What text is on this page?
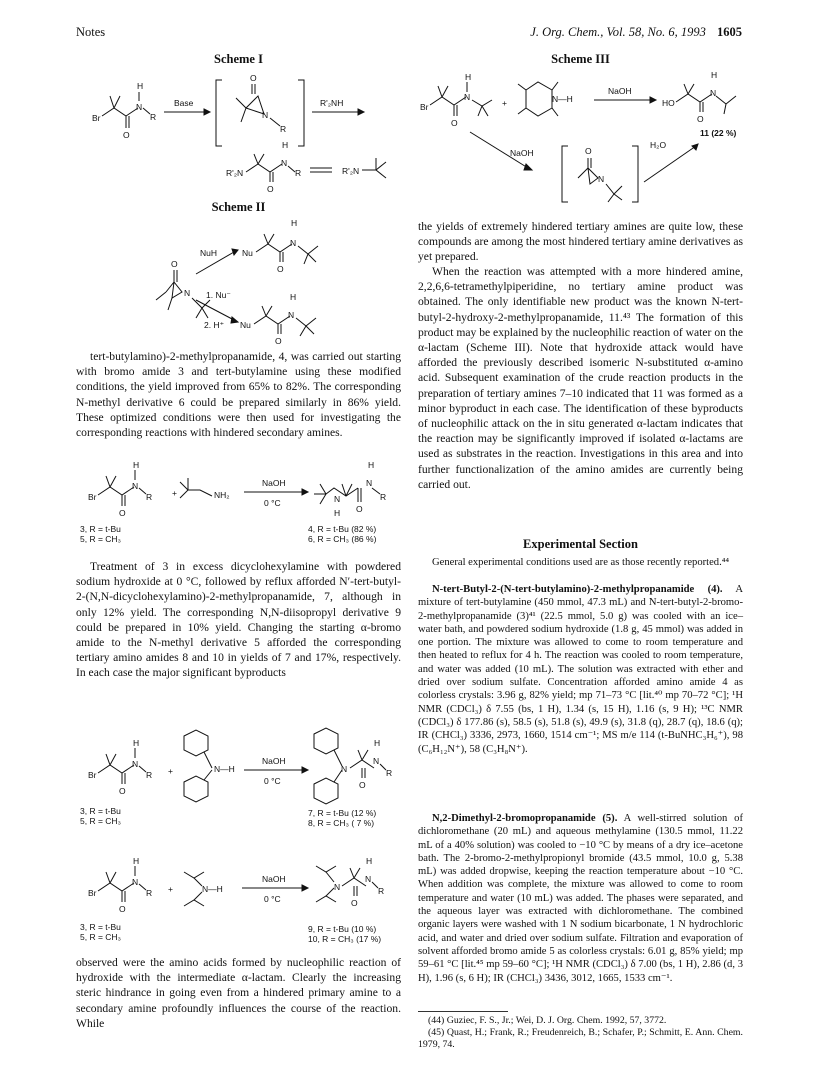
Notes	J. Org. Chem., Vol. 58, No. 6, 1993 1605
Scheme I
Br
O
N
H
R
Base
N
R
O
R'₂NH
R'₂N
O
N
H
R	R'₂N
Scheme II
O
N
NuH	Nu
O
N
H
1. Nu⁻
2. H⁺ Nu
O
N
H
tert-butylamino)-2-methylpropanamide, 4, was carried out starting with bromo amide 3 and tert-butylamine using these modified conditions, the yield improved from 65% to 82%. The corresponding N-methyl derivative 6 could be prepared similarly in 86% yield. These optimized conditions were then used for investigating the corresponding reactions with hindered secondary amines.
Br
O
N
H
R +	NH₂
NaOH
0 °C	N
H O
N
H
R
3, R = t-Bu
5, R = CH₃
4, R = t-Bu (82 %)
6, R = CH₃ (86 %)
Treatment of 3 in excess dicyclohexylamine with powdered sodium hydroxide at 0 °C, followed by reflux afforded N′-tert-butyl-2-(N,N-dicyclohexylamino)-2-methylpropanamide, 7, although in only 12% yield. The corresponding N,N-diisopropyl derivative 9 could be prepared in 10% yield. Changing the starting α-bromo amide to the N-methyl derivative 5 afforded the corresponding tertiary amino amides 8 and 10 in yields of 7 and 17%, respectively. In each case the major significant byproducts
Br
O
N
H
R +	N—H
NaOH
0 °C
N
O
N
H
R
3, R = t-Bu
5, R = CH₃
7, R = t-Bu (12 %)
8, R = CH₃ ( 7 %)
Br
O
N
H
R +	N—H
NaOH
0 °C
N
O
N
H
R
3, R = t-Bu
5, R = CH₃
9, R = t-Bu (10 %)
10, R = CH₃ (17 %)
observed were the amino acids formed by nucleophilic reaction of hydroxide with the intermediate α-lactam. Clearly the increasing steric hindrance in going even from a hindered primary amine to a secondary amine profoundly influences the course of the reaction. While
Scheme III
Br
O
N
H
+	N—H
NaOH
HO
O
N
H
11 (22 %)
NaOH	O
N
H₂O
the yields of extremely hindered tertiary amines are quite low, these compounds are among the most hindered tertiary amine derivatives as yet prepared.
When the reaction was attempted with a more hindered amine, 2,2,6,6-tetramethylpiperidine, no tertiary amine product was obtained. The only identifiable new product was the known N-tert-butyl-2-hydroxy-2-methylpropanamide, 11.⁴³ The formation of this product may be explained by the nucleophilic reaction of water on the α-lactam (Scheme III). Note that hydroxide attack would have afforded the previously described isomeric N-substituted α-amino acid. Subsequent examination of the crude reaction products in the preparation of tertiary amines 7–10 indicated that 11 was formed as a minor byproduct in each case. The identification of these byproducts of nucleophilic attack on the in situ generated α-lactam indicates that the reaction may be significantly improved if isolated α-lactams are used as substrates in the reaction. Investigations in this area and into further functionalization of the amino amides are currently being carried out.
Experimental Section
General experimental conditions used are as those recently reported.⁴⁴
N-tert-Butyl-2-(N-tert-butylamino)-2-methylpropanamide (4). A mixture of tert-butylamine (450 mmol, 47.3 mL) and N-tert-butyl-2-bromo-2-methylpropanamide (3)⁴¹ (22.5 mmol, 5.0 g) was cooled with an ice–water bath, and powdered sodium hydroxide (1.8 g, 45 mmol) was added in one portion. The mixture was allowed to come to room temperature and then heated to reflux for 4 h. The reaction was cooled to room temperature, and water was added (10 mL). The solution was extracted with ether and dried over sodium sulfate. Concentration afforded amino amide 4 as colorless crystals: 3.96 g, 82% yield; mp 71–73 °C [lit.⁴⁰ mp 70–72 °C]; ¹H NMR (CDCl₃) δ 7.55 (bs, 1 H), 1.34 (s, 15 H), 1.16 (s, 9 H); ¹³C NMR (CDCl₃) δ 177.86 (s), 58.5 (s), 51.8 (s), 49.9 (s), 31.8 (q), 28.7 (q), 18.6 (q); IR (CHCl₃) 3336, 2973, 1660, 1514 cm⁻¹; MS m/e 114 (t-BuNHC₃H₆⁺), 98 (C₆H₁₂N⁺), 58 (C₃H₈N⁺).
N,2-Dimethyl-2-bromopropanamide (5). A well-stirred solution of dichloromethane (20 mL) and aqueous methylamine (130.5 mmol, 11.22 mL of a 40% solution) was cooled to −10 °C by means of a dry ice–acetone bath. The 2-bromo-2-methylpropionyl bromide (43.5 mmol, 10.0 g, 5.38 mL) was added dropwise, keeping the reaction temperature about −10 °C. When addition was complete, the mixture was allowed to come to room temperature and water (10 mL) was added. The phases were separated, and the aqueous layer was extracted with dichloromethane. The combined organic layers were washed with 1 N sodium bicarbonate, 1 N hydrochloric acid, and water and dried over sodium sulfate. Filtration and evaporation of solvent afforded bromo amide 5 as colorless crystals: 6.01 g, 85% yield; mp 59–61 °C [lit.⁴⁵ mp 59–60 °C]; ¹H NMR (CDCl₃) δ 7.00 (bs, 1 H), 2.86 (d, 3 H), 1.96 (s, 6 H); IR (CHCl₃) 3436, 3012, 1665, 1533 cm⁻¹.
(44) Guziec, F. S., Jr.; Wei, D. J. Org. Chem. 1992, 57, 3772.
(45) Quast, H.; Frank, R.; Freudenreich, B.; Schafer, P.; Schmitt, E. Ann. Chem. 1979, 74.
